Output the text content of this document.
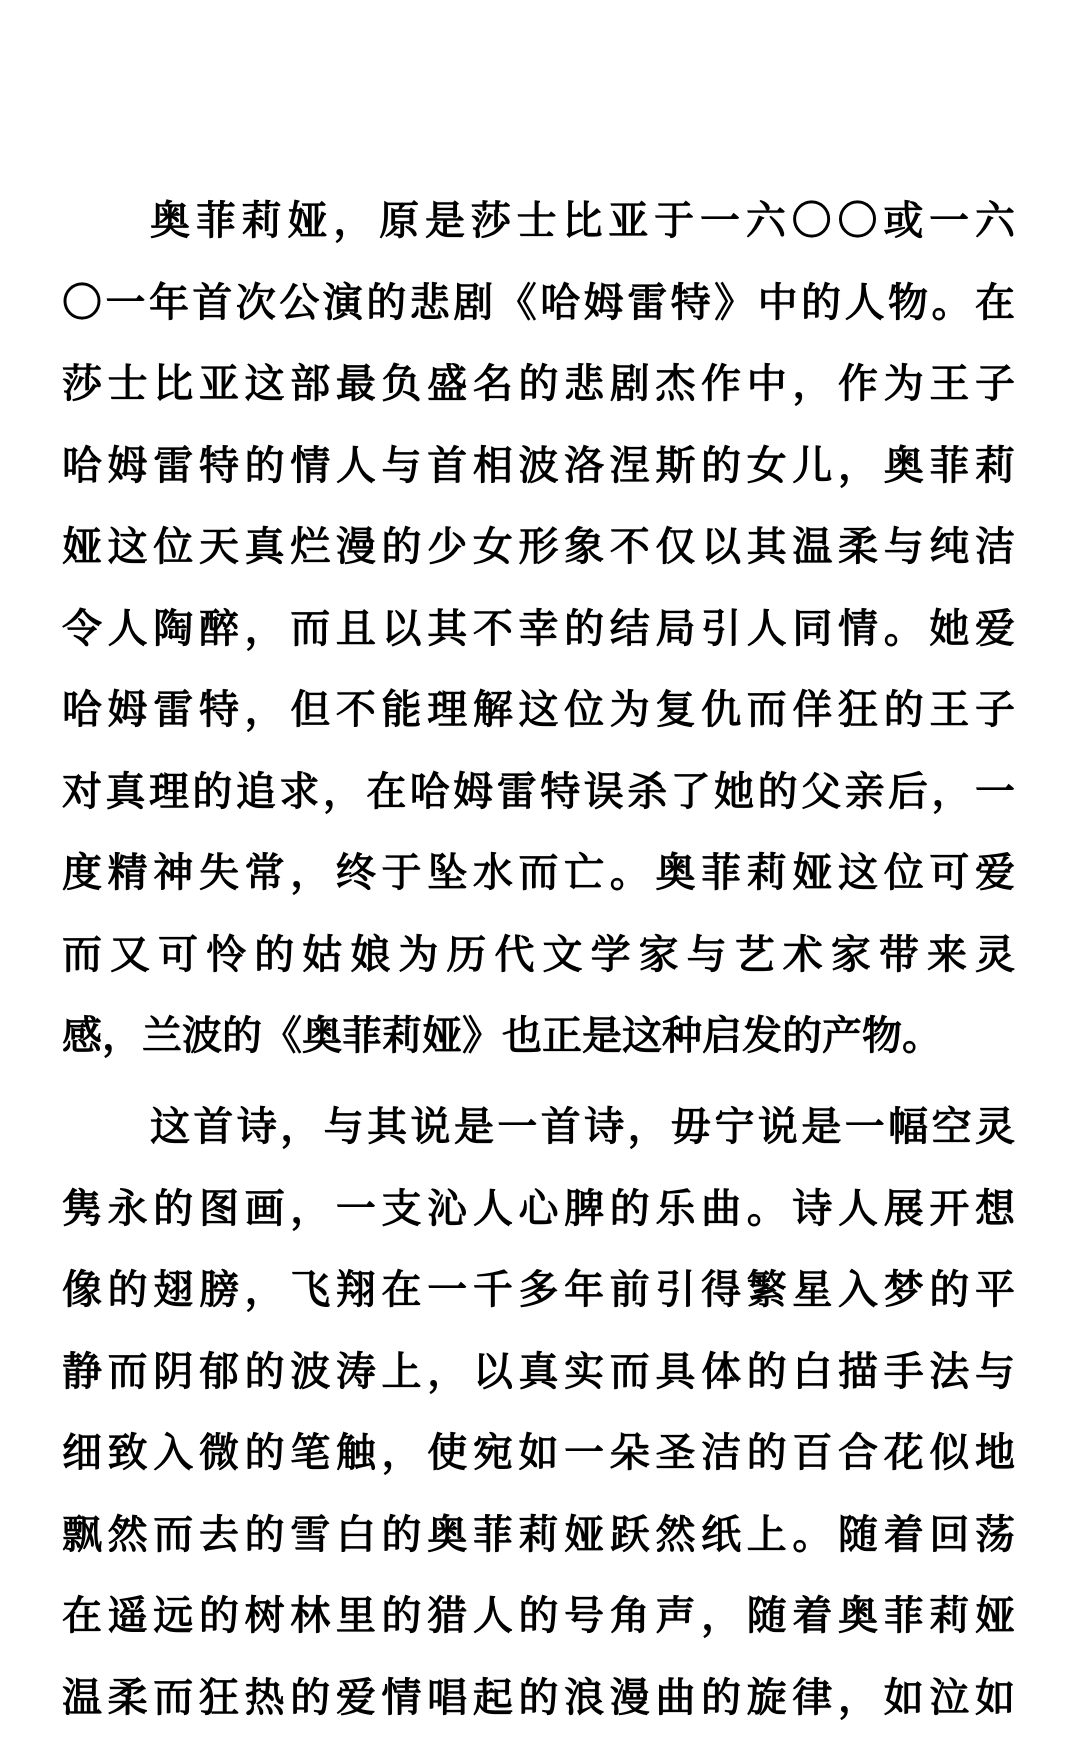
奥菲莉娅，原是莎士比亚于一六〇〇或一六
〇一年首次公演的悲剧《哈姆雷特》中的人物。在
莎士比亚这部最负盛名的悲剧杰作中，作为王子
哈姆雷特的情人与首相波洛涅斯的女儿，奥菲莉
娅这位天真烂漫的少女形象不仅以其温柔与纯洁
令人陶醉，而且以其不幸的结局引人同情。她爱
哈姆雷特，但不能理解这位为复仇而佯狂的王子
对真理的追求，在哈姆雷特误杀了她的父亲后，一
度精神失常，终于坠水而亡。奥菲莉娅这位可爱
而又可怜的姑娘为历代文学家与艺术家带来灵
感，兰波的《奥菲莉娅》也正是这种启发的产物。
这首诗，与其说是一首诗，毋宁说是一幅空灵
隽永的图画，一支沁人心脾的乐曲。诗人展开想
像的翅膀，飞翔在一千多年前引得繁星入梦的平
静而阴郁的波涛上，以真实而具体的白描手法与
细致入微的笔触，使宛如一朵圣洁的百合花似地
飘然而去的雪白的奥菲莉娅跃然纸上。随着回荡
在遥远的树林里的猎人的号角声，随着奥菲莉娅
温柔而狂热的爱情唱起的浪漫曲的旋律，如泣如
